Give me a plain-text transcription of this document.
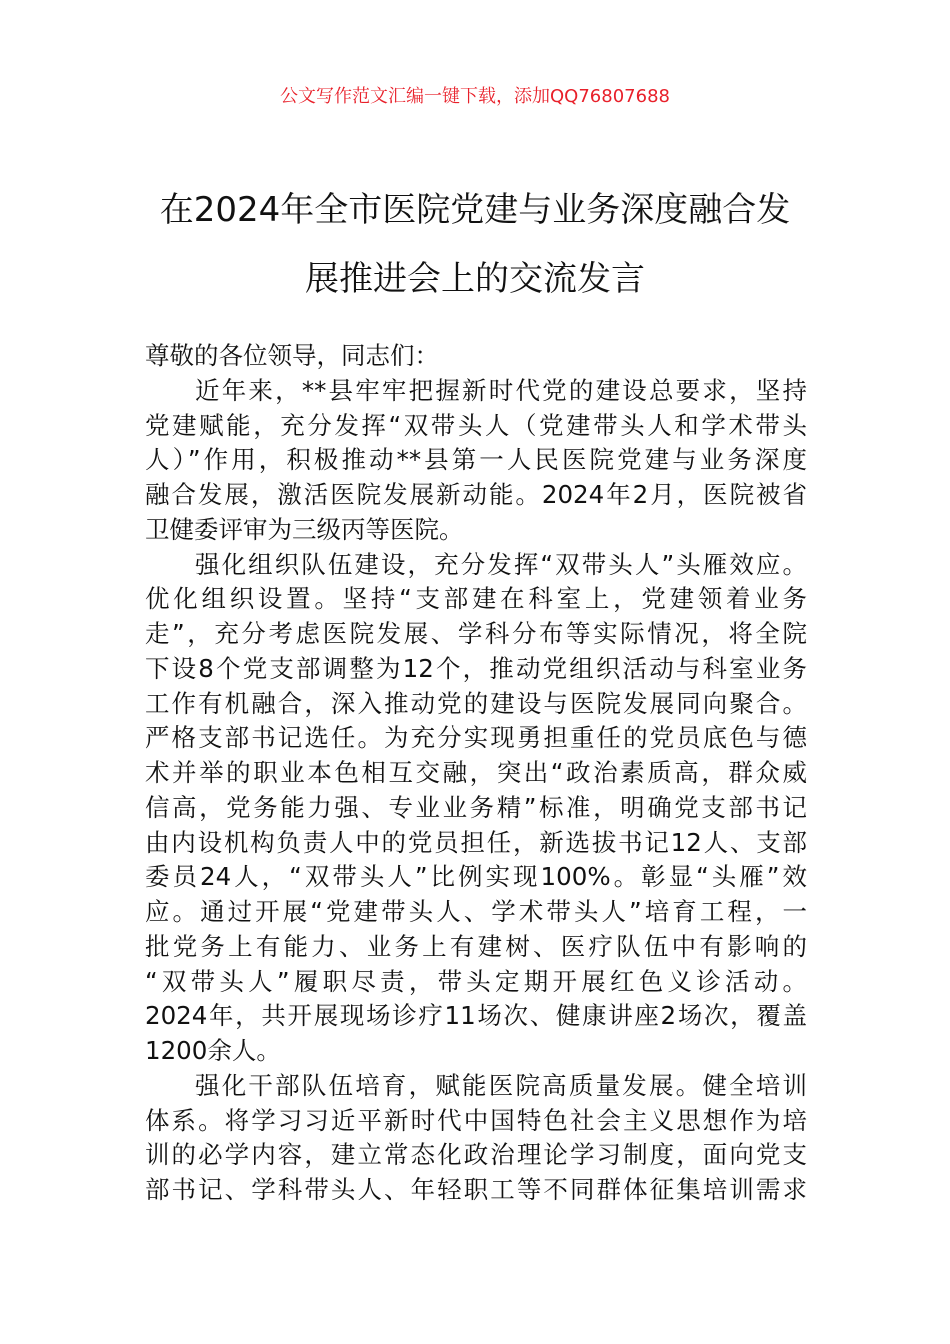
公文写作范文汇编一键下载，添加QQ76807688
在2024年全市医院党建与业务深度融合发
展推进会上的交流发言
尊敬的各位领导，同志们：
近年来，**县牢牢把握新时代党的建设总要求，坚持
党建赋能，充分发挥“双带头人（党建带头人和学术带头
人）”作用，积极推动**县第一人民医院党建与业务深度
融合发展，激活医院发展新动能。2024年2月，医院被省
卫健委评审为三级丙等医院。
强化组织队伍建设，充分发挥“双带头人”头雁效应。
优化组织设置。坚持“支部建在科室上，党建领着业务
走”，充分考虑医院发展、学科分布等实际情况，将全院
下设8个党支部调整为12个，推动党组织活动与科室业务
工作有机融合，深入推动党的建设与医院发展同向聚合。
严格支部书记选任。为充分实现勇担重任的党员底色与德
术并举的职业本色相互交融，突出“政治素质高，群众威
信高，党务能力强、专业业务精”标准，明确党支部书记
由内设机构负责人中的党员担任，新选拔书记12人、支部
委员24人，“双带头人”比例实现100%。彰显“头雁”效
应。通过开展“党建带头人、学术带头人”培育工程，一
批党务上有能力、业务上有建树、医疗队伍中有影响的
“双带头人”履职尽责，带头定期开展红色义诊活动。
2024年，共开展现场诊疗11场次、健康讲座2场次，覆盖
1200余人。
强化干部队伍培育，赋能医院高质量发展。健全培训
体系。将学习习近平新时代中国特色社会主义思想作为培
训的必学内容，建立常态化政治理论学习制度，面向党支
部书记、学科带头人、年轻职工等不同群体征集培训需求
